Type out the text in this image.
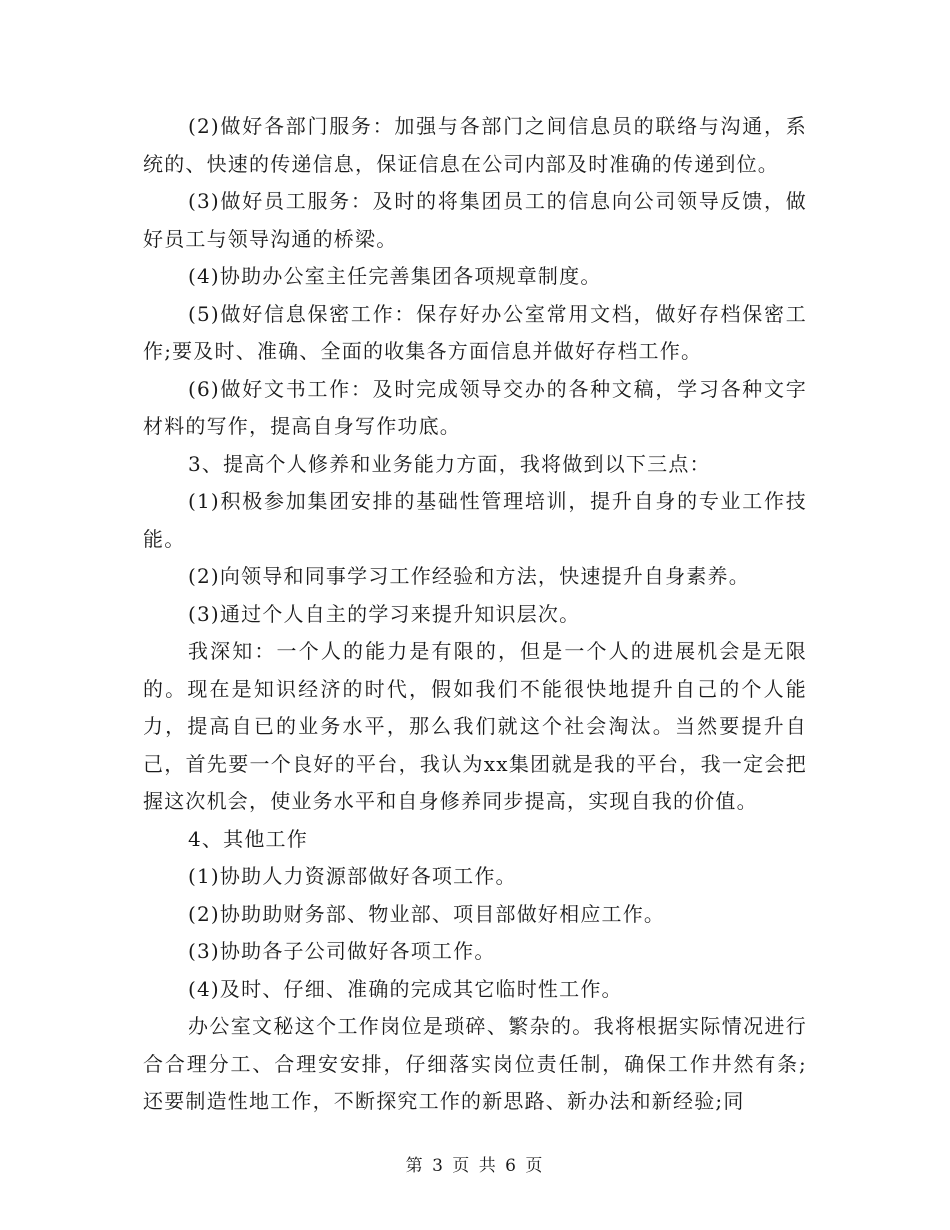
(2)做好各部门服务：加强与各部门之间信息员的联络与沟通，系统的、快速的传递信息，保证信息在公司内部及时准确的传递到位。

(3)做好员工服务：及时的将集团员工的信息向公司领导反馈，做好员工与领导沟通的桥梁。

(4)协助办公室主任完善集团各项规章制度。

(5)做好信息保密工作：保存好办公室常用文档，做好存档保密工作;要及时、准确、全面的收集各方面信息并做好存档工作。

(6)做好文书工作：及时完成领导交办的各种文稿，学习各种文字材料的写作，提高自身写作功底。

3、提高个人修养和业务能力方面，我将做到以下三点：

(1)积极参加集团安排的基础性管理培训，提升自身的专业工作技能。

(2)向领导和同事学习工作经验和方法，快速提升自身素养。

(3)通过个人自主的学习来提升知识层次。

我深知：一个人的能力是有限的，但是一个人的进展机会是无限的。现在是知识经济的时代，假如我们不能很快地提升自己的个人能力，提高自已的业务水平，那么我们就这个社会淘汰。当然要提升自己，首先要一个良好的平台，我认为xx集团就是我的平台，我一定会把握这次机会，使业务水平和自身修养同步提高，实现自我的价值。

4、其他工作

(1)协助人力资源部做好各项工作。

(2)协助助财务部、物业部、项目部做好相应工作。

(3)协助各子公司做好各项工作。

(4)及时、仔细、准确的完成其它临时性工作。

办公室文秘这个工作岗位是琐碎、繁杂的。我将根据实际情况进行合合理分工、合理安安排，仔细落实岗位责任制，确保工作井然有条;还要制造性地工作，不断探究工作的新思路、新办法和新经验;同

第 3 页 共 6 页
